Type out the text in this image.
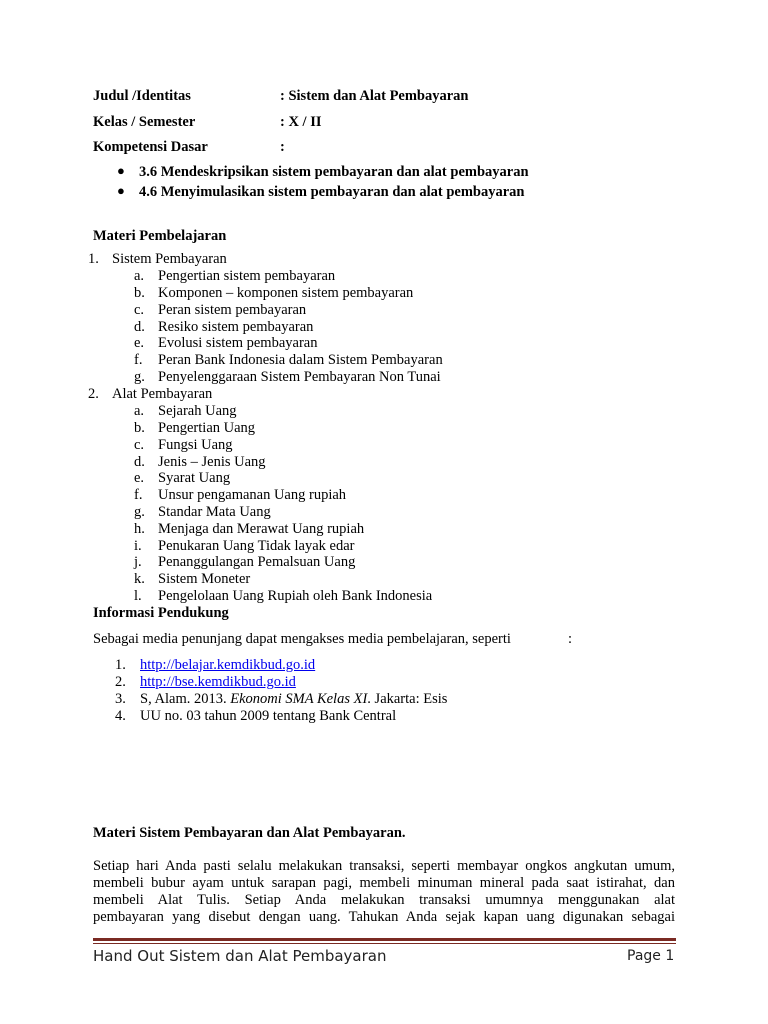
Judul /Identitas	: Sistem dan Alat Pembayaran
Kelas / Semester	: X / II
Kompetensi Dasar	:
● 3.6 Mendeskripsikan sistem pembayaran dan alat pembayaran
● 4.6 Menyimulasikan sistem pembayaran dan alat pembayaran
Materi Pembelajaran
1. Sistem Pembayaran
a. Pengertian sistem pembayaran
b. Komponen – komponen sistem pembayaran
c. Peran sistem pembayaran
d. Resiko sistem pembayaran
e. Evolusi sistem pembayaran
f. Peran Bank Indonesia dalam Sistem Pembayaran
g. Penyelenggaraan Sistem Pembayaran Non Tunai
2. Alat Pembayaran
a. Sejarah Uang
b. Pengertian Uang
c. Fungsi Uang
d. Jenis – Jenis Uang
e. Syarat Uang
f. Unsur pengamanan Uang rupiah
g. Standar Mata Uang
h. Menjaga dan Merawat Uang rupiah
i. Penukaran Uang Tidak layak edar
j. Penanggulangan Pemalsuan Uang
k. Sistem Moneter
l. Pengelolaan Uang Rupiah oleh Bank Indonesia
Informasi Pendukung
Sebagai media penunjang dapat mengakses media pembelajaran, seperti	:
1. http://belajar.kemdikbud.go.id
2. http://bse.kemdikbud.go.id
3. S, Alam. 2013. Ekonomi SMA Kelas XI. Jakarta: Esis
4. UU no. 03 tahun 2009 tentang Bank Central
Materi Sistem Pembayaran dan Alat Pembayaran.
Setiap hari Anda pasti selalu melakukan transaksi, seperti membayar ongkos angkutan umum,
membeli bubur ayam untuk sarapan pagi, membeli minuman mineral pada saat istirahat, dan
membeli Alat Tulis. Setiap Anda melakukan transaksi umumnya menggunakan alat
pembayaran yang disebut dengan uang. Tahukan Anda sejak kapan uang digunakan sebagai
Hand Out Sistem dan Alat Pembayaran	Page 1
